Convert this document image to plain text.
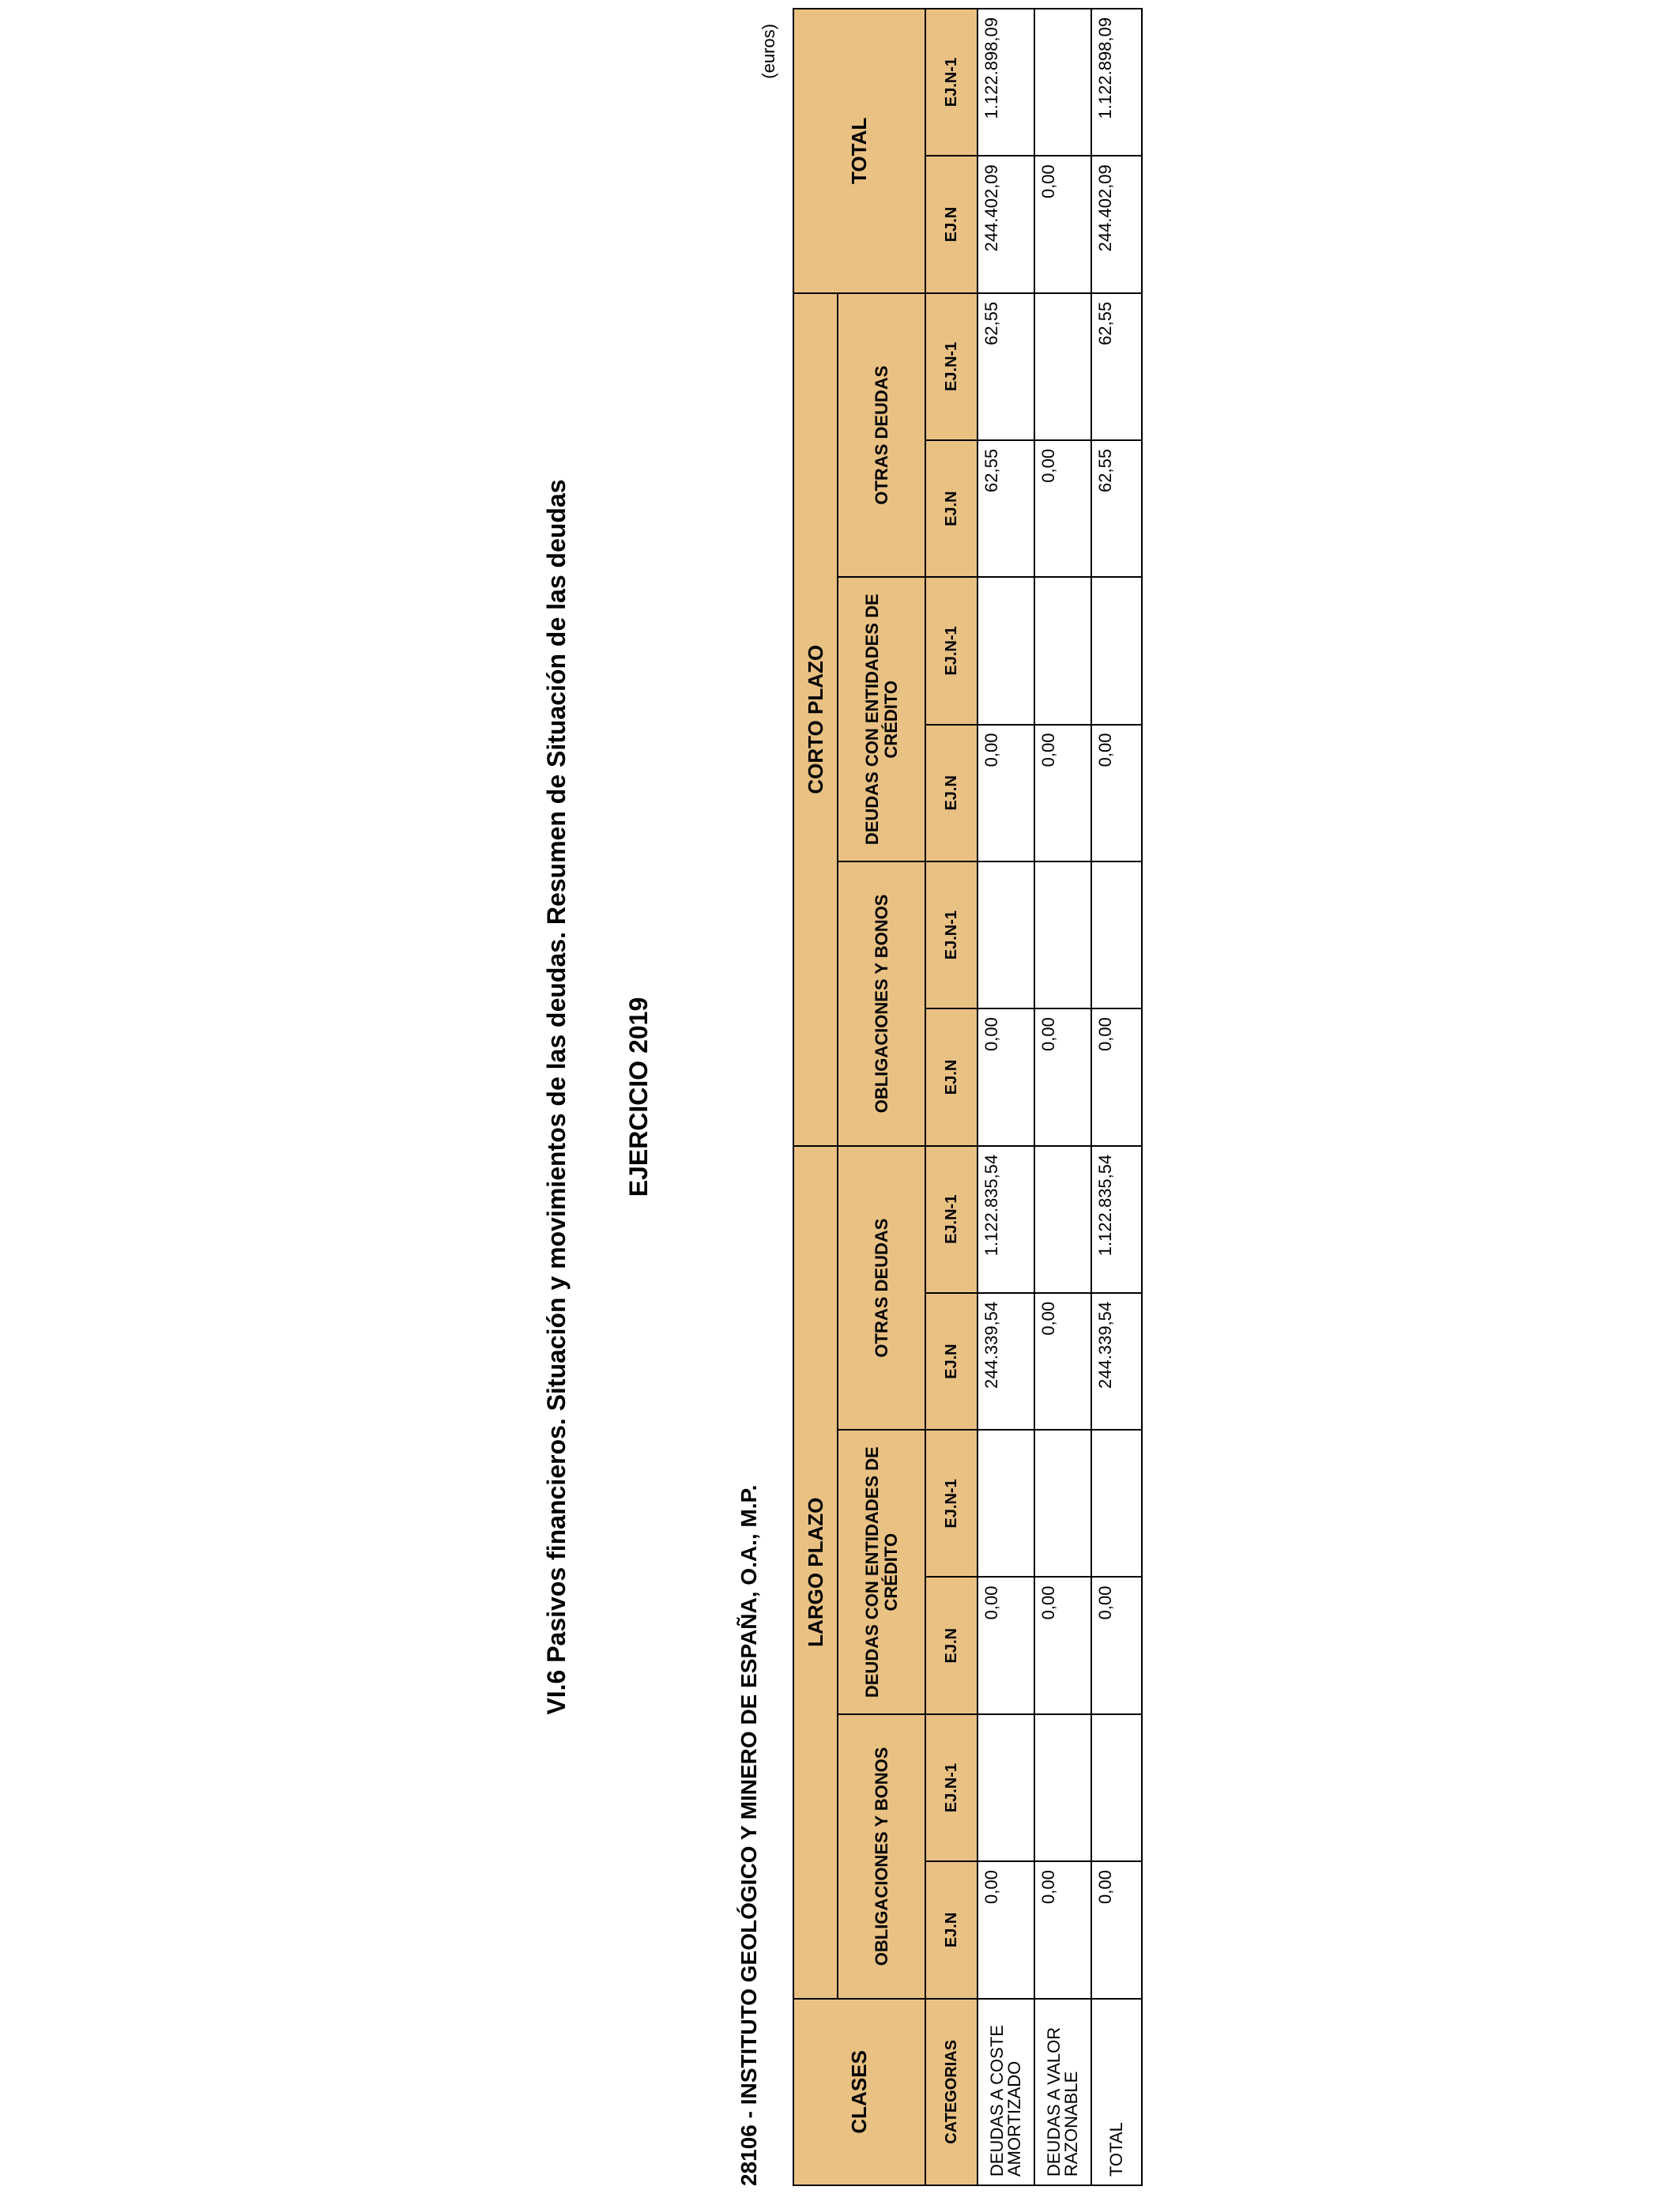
VI.6 Pasivos financieros. Situación y movimientos de las deudas. Resumen de Situación de las deudas EJERCICIO 2019
28106 - INSTITUTO GEOLÓGICO Y MINERO DE ESPAÑA, O.A., M.P.
(euros)
CLASES	LARGO PLAZO						CORTO PLAZO						TOTAL	
	OBLIGACIONES Y BONOS		DEUDAS CON ENTIDADES DE CRÉDITO		OTRAS DEUDAS		OBLIGACIONES Y BONOS		DEUDAS CON ENTIDADES DE CRÉDITO		OTRAS DEUDAS			
CATEGORIAS	EJ.N	EJ.N-1	EJ.N	EJ.N-1	EJ.N	EJ.N-1	EJ.N	EJ.N-1	EJ.N	EJ.N-1	EJ.N	EJ.N-1	EJ.N	EJ.N-1
DEUDAS A COSTE AMORTIZADO	0,00		0,00		244.339,54	1.122.835,54	0,00		0,00		62,55	62,55	244.402,09	1.122.898,09
DEUDAS A VALOR RAZONABLE	0,00		0,00		0,00		0,00		0,00		0,00		0,00	
TOTAL	0,00		0,00		244.339,54	1.122.835,54	0,00		0,00		62,55	62,55	244.402,09	1.122.898,09
